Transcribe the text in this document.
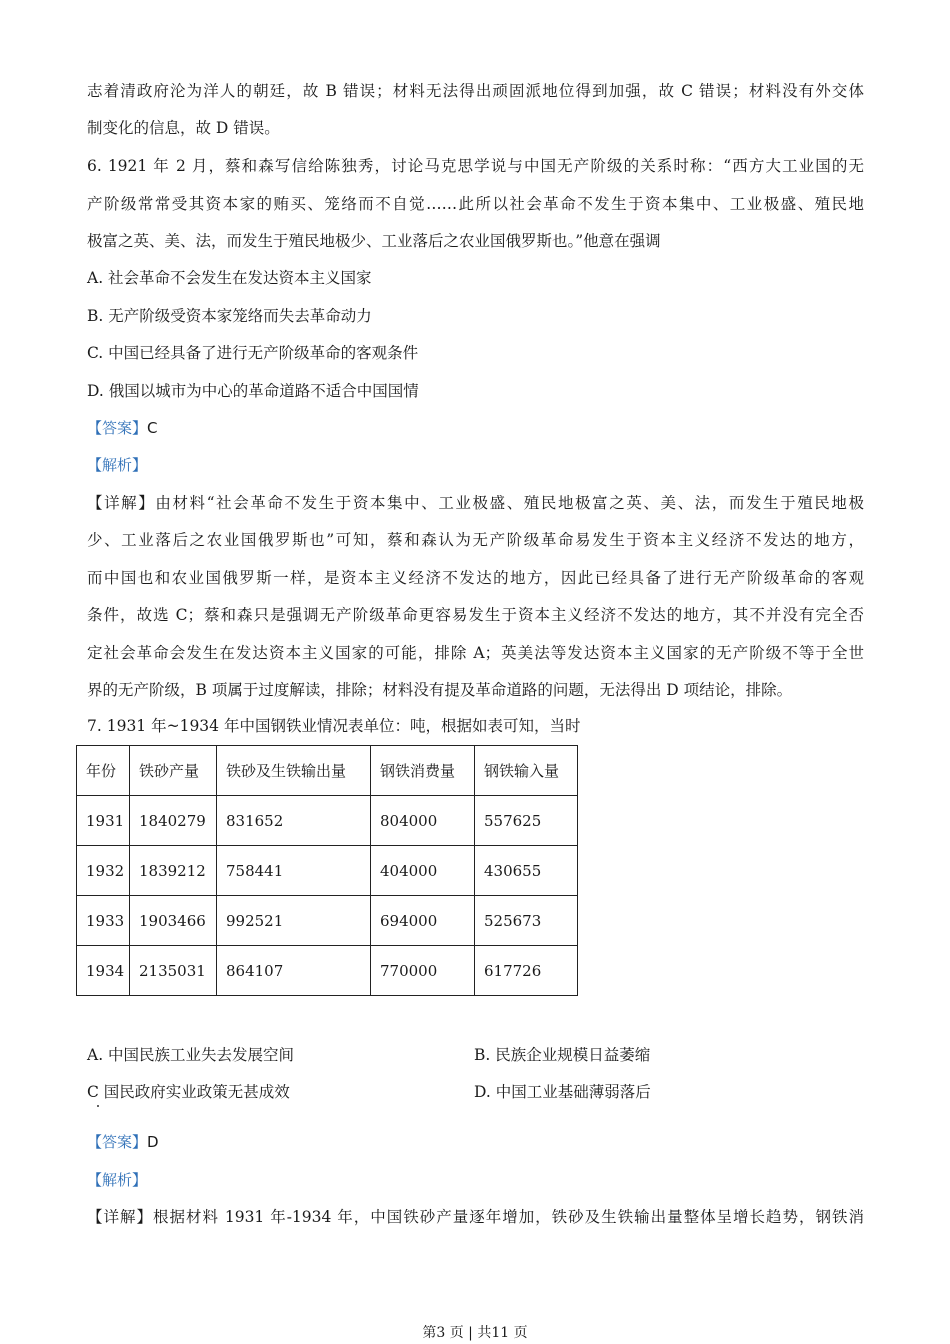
志着清政府沦为洋人的朝廷，故 B 错误；材料无法得出顽固派地位得到加强，故 C 错误；材料没有外交体
制变化的信息，故 D 错误。
6. 1921 年 2 月，蔡和森写信给陈独秀，讨论马克思学说与中国无产阶级的关系时称：“西方大工业国的无
产阶级常常受其资本家的贿买、笼络而不自觉……此所以社会革命不发生于资本集中、工业极盛、殖民地
极富之英、美、法，而发生于殖民地极少、工业落后之农业国俄罗斯也。”他意在强调
A. 社会革命不会发生在发达资本主义国家
B. 无产阶级受资本家笼络而失去革命动力
C. 中国已经具备了进行无产阶级革命的客观条件
D. 俄国以城市为中心的革命道路不适合中国国情
【答案】C
【解析】
【详解】由材料“社会革命不发生于资本集中、工业极盛、殖民地极富之英、美、法，而发生于殖民地极
少、工业落后之农业国俄罗斯也”可知，蔡和森认为无产阶级革命易发生于资本主义经济不发达的地方，
而中国也和农业国俄罗斯一样，是资本主义经济不发达的地方，因此已经具备了进行无产阶级革命的客观
条件，故选 C；蔡和森只是强调无产阶级革命更容易发生于资本主义经济不发达的地方，其不并没有完全否
定社会革命会发生在发达资本主义国家的可能，排除 A；英美法等发达资本主义国家的无产阶级不等于全世
界的无产阶级，B 项属于过度解读，排除；材料没有提及革命道路的问题，无法得出 D 项结论，排除。
7. 1931 年~1934 年中国钢铁业情况表单位：吨，根据如表可知，当时
年份	铁砂产量	铁砂及生铁输出量	钢铁消费量	钢铁输入量
1931	1840279	831652	804000	557625
1932	1839212	758441	404000	430655
1933	1903466	992521	694000	525673
1934	2135031	864107	770000	617726
A. 中国民族工业失去发展空间	B. 民族企业规模日益萎缩
C 国民政府实业政策无甚成效	D. 中国工业基础薄弱落后
【答案】D
【解析】
【详解】根据材料 1931 年-1934 年，中国铁砂产量逐年增加，铁砂及生铁输出量整体呈增长趋势，钢铁消
第3 页 | 共11 页
